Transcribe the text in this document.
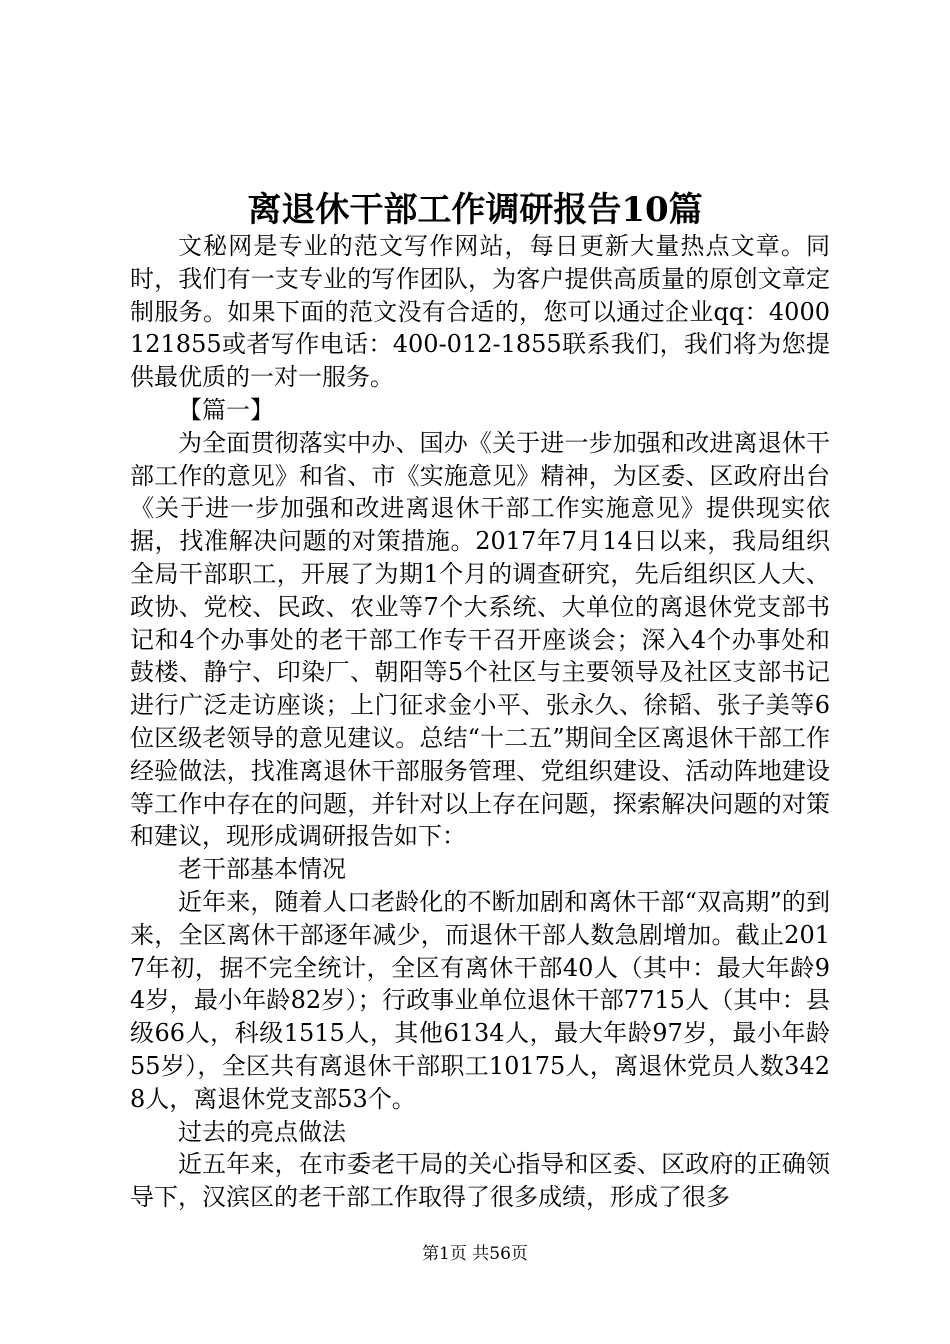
离退休干部工作调研报告10篇

文秘网是专业的范文写作网站，每日更新大量热点文章。同时，我们有一支专业的写作团队，为客户提供高质量的原创文章定制服务。如果下面的范文没有合适的，您可以通过企业qq：4000121855或者写作电话：400-012-1855联系我们，我们将为您提供最优质的一对一服务。

【篇一】

为全面贯彻落实中办、国办《关于进一步加强和改进离退休干部工作的意见》和省、市《实施意见》精神，为区委、区政府出台《关于进一步加强和改进离退休干部工作实施意见》提供现实依据，找准解决问题的对策措施。2017年7月14日以来，我局组织全局干部职工，开展了为期1个月的调查研究，先后组织区人大、政协、党校、民政、农业等7个大系统、大单位的离退休党支部书记和4个办事处的老干部工作专干召开座谈会；深入4个办事处和鼓楼、静宁、印染厂、朝阳等5个社区与主要领导及社区支部书记进行广泛走访座谈；上门征求金小平、张永久、徐韬、张子美等6位区级老领导的意见建议。总结“十二五”期间全区离退休干部工作经验做法，找准离退休干部服务管理、党组织建设、活动阵地建设等工作中存在的问题，并针对以上存在问题，探索解决问题的对策和建议，现形成调研报告如下：

老干部基本情况

近年来，随着人口老龄化的不断加剧和离休干部“双高期”的到来，全区离休干部逐年减少，而退休干部人数急剧增加。截止2017年初，据不完全统计，全区有离休干部40人（其中：最大年龄94岁，最小年龄82岁）；行政事业单位退休干部7715人（其中：县级66人，科级1515人，其他6134人，最大年龄97岁，最小年龄55岁），全区共有离退休干部职工10175人，离退休党员人数3428人，离退休党支部53个。

过去的亮点做法

近五年来，在市委老干局的关心指导和区委、区政府的正确领导下，汉滨区的老干部工作取得了很多成绩，形成了很多

第1页 共56页
